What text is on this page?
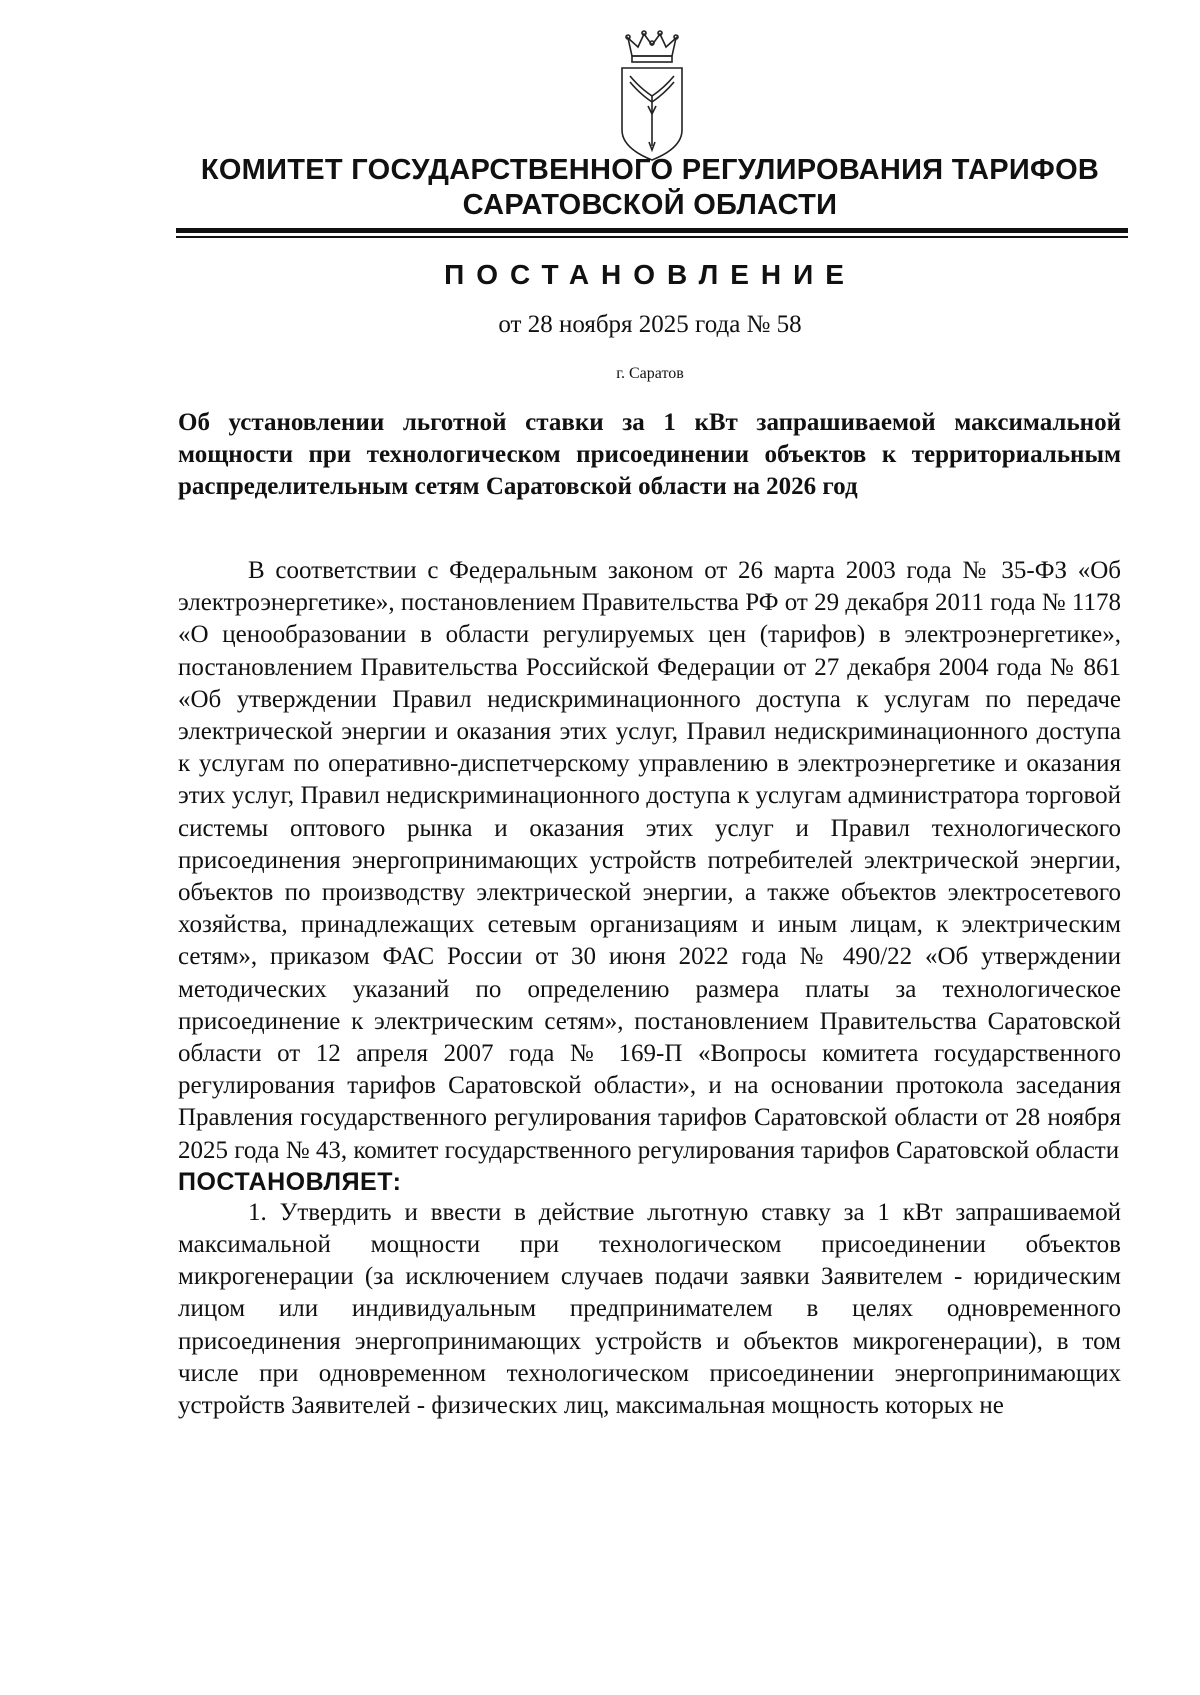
КОМИТЕТ ГОСУДАРСТВЕННОГО РЕГУЛИРОВАНИЯ ТАРИФОВ
САРАТОВСКОЙ ОБЛАСТИ
ПОСТАНОВЛЕНИЕ
от 28 ноября 2025 года № 58
г. Саратов
Об установлении льготной ставки за 1 кВт запрашиваемой максимальной мощности при технологическом присоединении объектов к территориальным распределительным сетям Саратовской области на 2026 год

В соответствии с Федеральным законом от 26 марта 2003 года № 35-ФЗ «Об электроэнергетике», постановлением Правительства РФ от 29 декабря 2011 года № 1178 «О ценообразовании в области регулируемых цен (тарифов) в электроэнергетике», постановлением Правительства Российской Федерации от 27 декабря 2004 года № 861 «Об утверждении Правил недискриминационного доступа к услугам по передаче электрической энергии и оказания этих услуг, Правил недискриминационного доступа к услугам по оперативно-диспетчерскому управлению в электроэнергетике и оказания этих услуг, Правил недискриминационного доступа к услугам администратора торговой системы оптового рынка и оказания этих услуг и Правил технологического присоединения энергопринимающих устройств потребителей электрической энергии, объектов по производству электрической энергии, а также объектов электросетевого хозяйства, принадлежащих сетевым организациям и иным лицам, к электрическим сетям», приказом ФАС России от 30 июня 2022 года № 490/22 «Об утверждении методических указаний по определению размера платы за технологическое присоединение к электрическим сетям», постановлением Правительства Саратовской области от 12 апреля 2007 года № 169-П «Вопросы комитета государственного регулирования тарифов Саратовской области», и на основании протокола заседания Правления государственного регулирования тарифов Саратовской области от 28 ноября 2025 года № 43, комитет государственного регулирования тарифов Саратовской области

ПОСТАНОВЛЯЕТ:

1. Утвердить и ввести в действие льготную ставку за 1 кВт запрашиваемой максимальной мощности при технологическом присоединении объектов микрогенерации (за исключением случаев подачи заявки Заявителем - юридическим лицом или индивидуальным предпринимателем в целях одновременного присоединения энергопринимающих устройств и объектов микрогенерации), в том числе при одновременном технологическом присоединении энергопринимающих устройств Заявителей - физических лиц, максимальная мощность которых не
